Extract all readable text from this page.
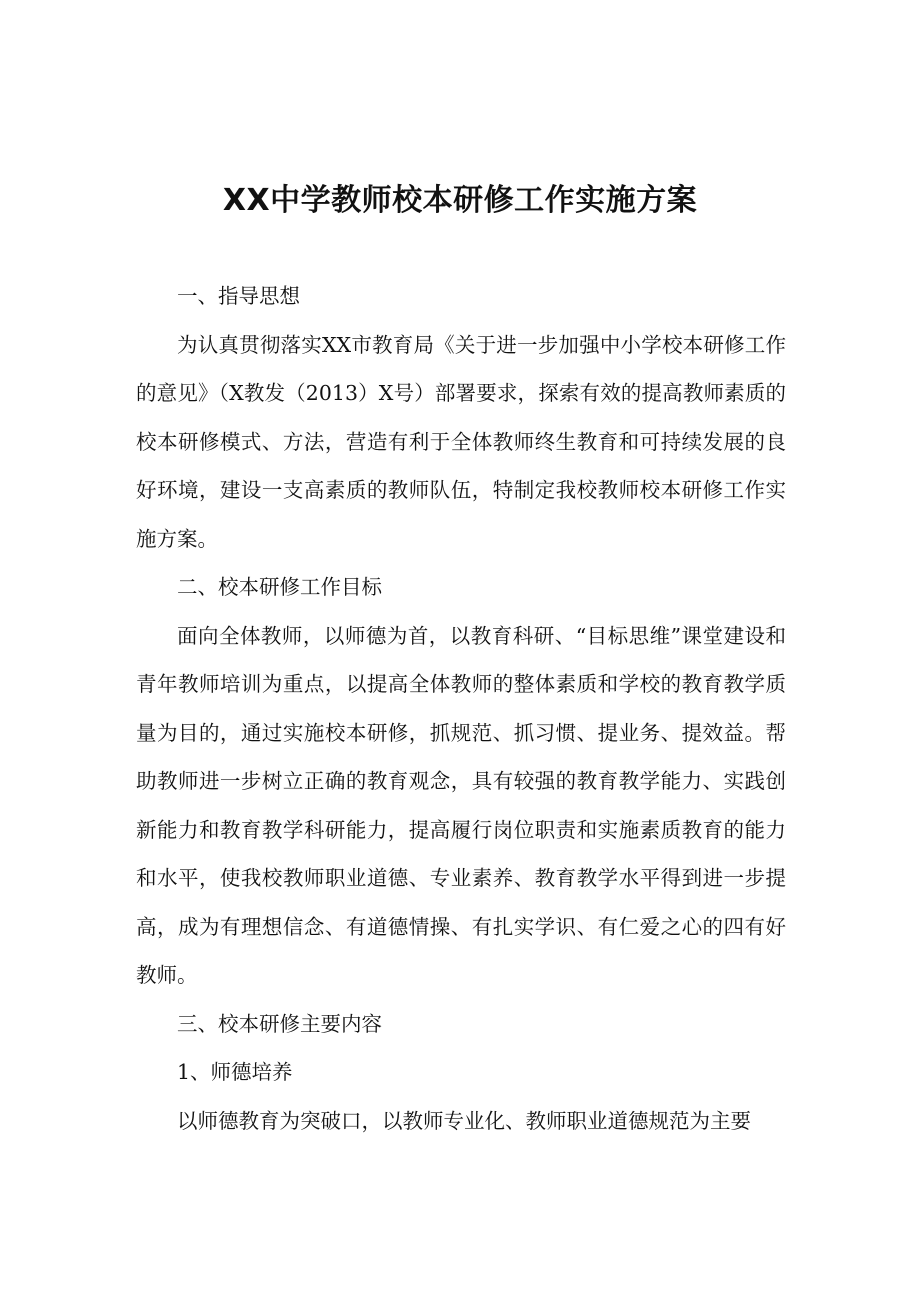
XX中学教师校本研修工作实施方案

一、指导思想

为认真贯彻落实XX市教育局《关于进一步加强中小学校本研修工作的意见》（X教发（2013）X号）部署要求，探索有效的提高教师素质的校本研修模式、方法，营造有利于全体教师终生教育和可持续发展的良好环境，建设一支高素质的教师队伍，特制定我校教师校本研修工作实施方案。

二、校本研修工作目标

面向全体教师，以师德为首，以教育科研、“目标思维”课堂建设和青年教师培训为重点，以提高全体教师的整体素质和学校的教育教学质量为目的，通过实施校本研修，抓规范、抓习惯、提业务、提效益。帮助教师进一步树立正确的教育观念，具有较强的教育教学能力、实践创新能力和教育教学科研能力，提高履行岗位职责和实施素质教育的能力和水平，使我校教师职业道德、专业素养、教育教学水平得到进一步提高，成为有理想信念、有道德情操、有扎实学识、有仁爱之心的四有好教师。

三、校本研修主要内容

1、师德培养

以师德教育为突破口，以教师专业化、教师职业道德规范为主要
